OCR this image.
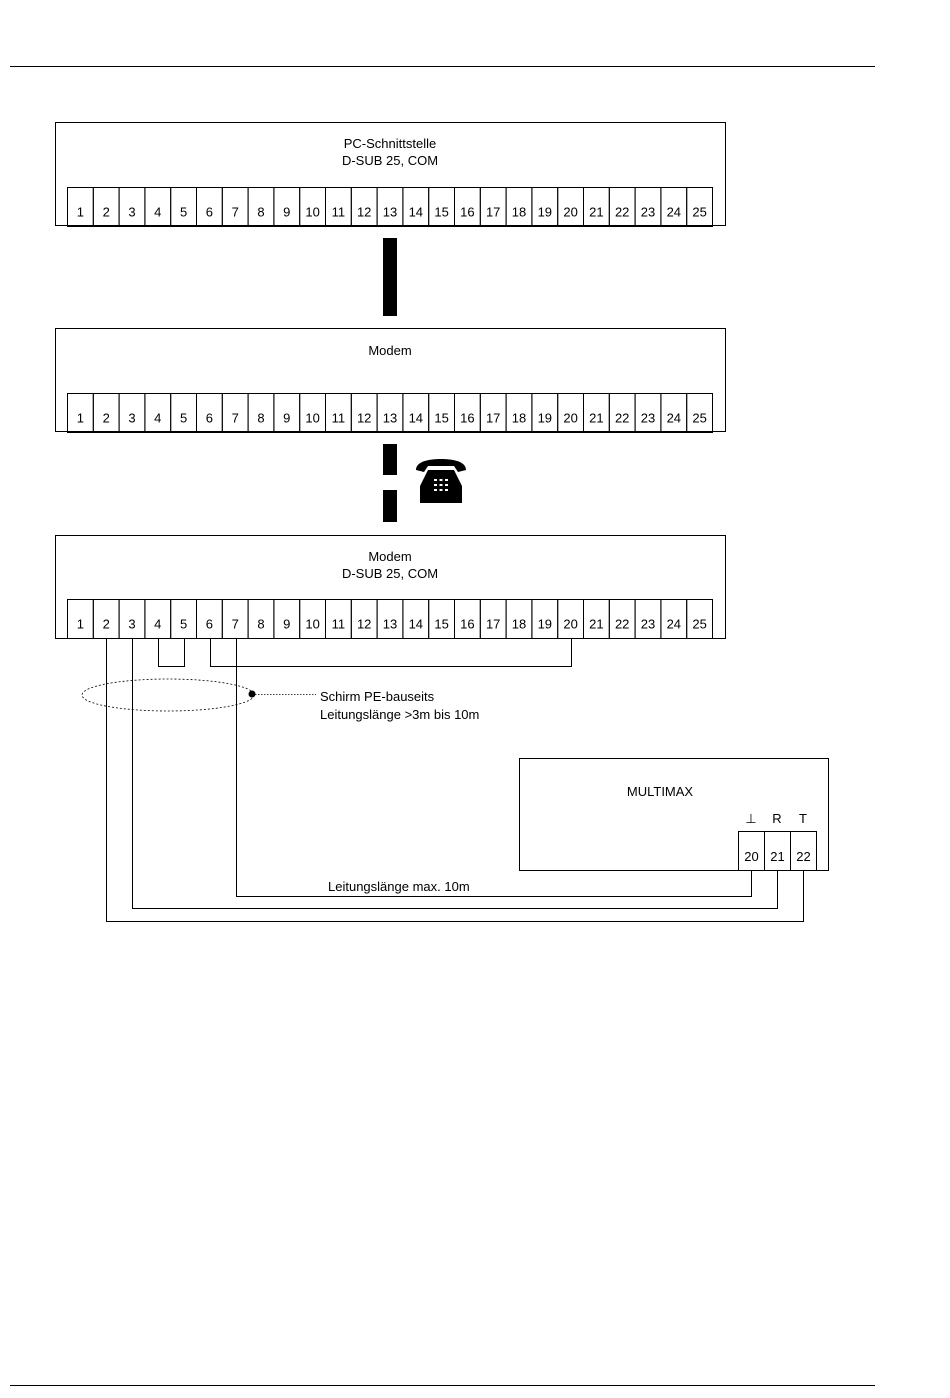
PC-Schnittstelle
D-SUB 25, COM
1 2 3 4 5 6 7 8 9 10 11 12 13 14 15 16 17 18 19 20 21 22 23 24 25
Modem
1 2 3 4 5 6 7 8 9 10 11 12 13 14 15 16 17 18 19 20 21 22 23 24 25
Modem
D-SUB 25, COM
1 2 3 4 5 6 7 8 9 10 11 12 13 14 15 16 17 18 19 20 21 22 23 24 25
Schirm PE-bauseits
Leitungslänge >3m bis 10m
MULTIMAX
⊥ R T
20 21 22
Leitungslänge max. 10m
